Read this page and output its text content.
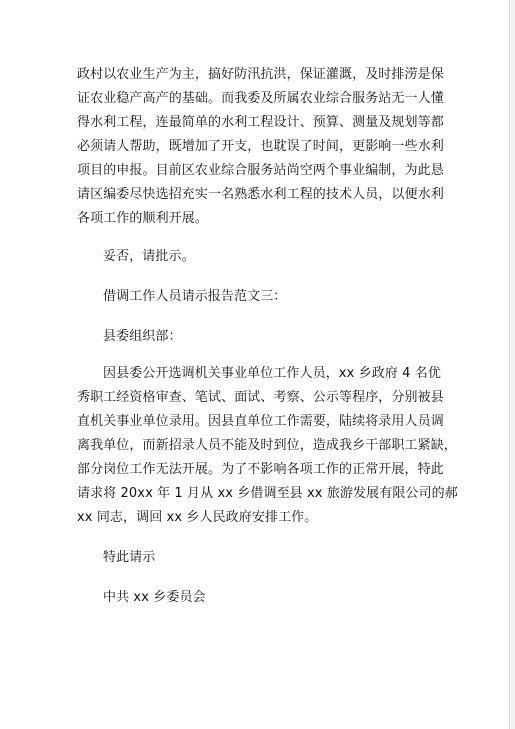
政村以农业生产为主，搞好防汛抗洪，保证灌溉，及时排涝是保
证农业稳产高产的基础。而我委及所属农业综合服务站无一人懂
得水利工程，连最简单的水利工程设计、预算、测量及规划等都
必须请人帮助，既增加了开支，也耽误了时间，更影响一些水利
项目的申报。目前区农业综合服务站尚空两个事业编制，为此恳
请区编委尽快选招充实一名熟悉水利工程的技术人员，以便水利
各项工作的顺利开展。
妥否，请批示。
借调工作人员请示报告范文三：
县委组织部：
因县委公开选调机关事业单位工作人员，xx 乡政府 4 名优
秀职工经资格审查、笔试、面试、考察、公示等程序，分别被县
直机关事业单位录用。因县直单位工作需要，陆续将录用人员调
离我单位，而新招录人员不能及时到位，造成我乡干部职工紧缺，
部分岗位工作无法开展。为了不影响各项工作的正常开展，特此
请求将 20xx 年 1 月从 xx 乡借调至县 xx 旅游发展有限公司的郝
xx 同志，调回 xx 乡人民政府安排工作。
特此请示
中共 xx 乡委员会
